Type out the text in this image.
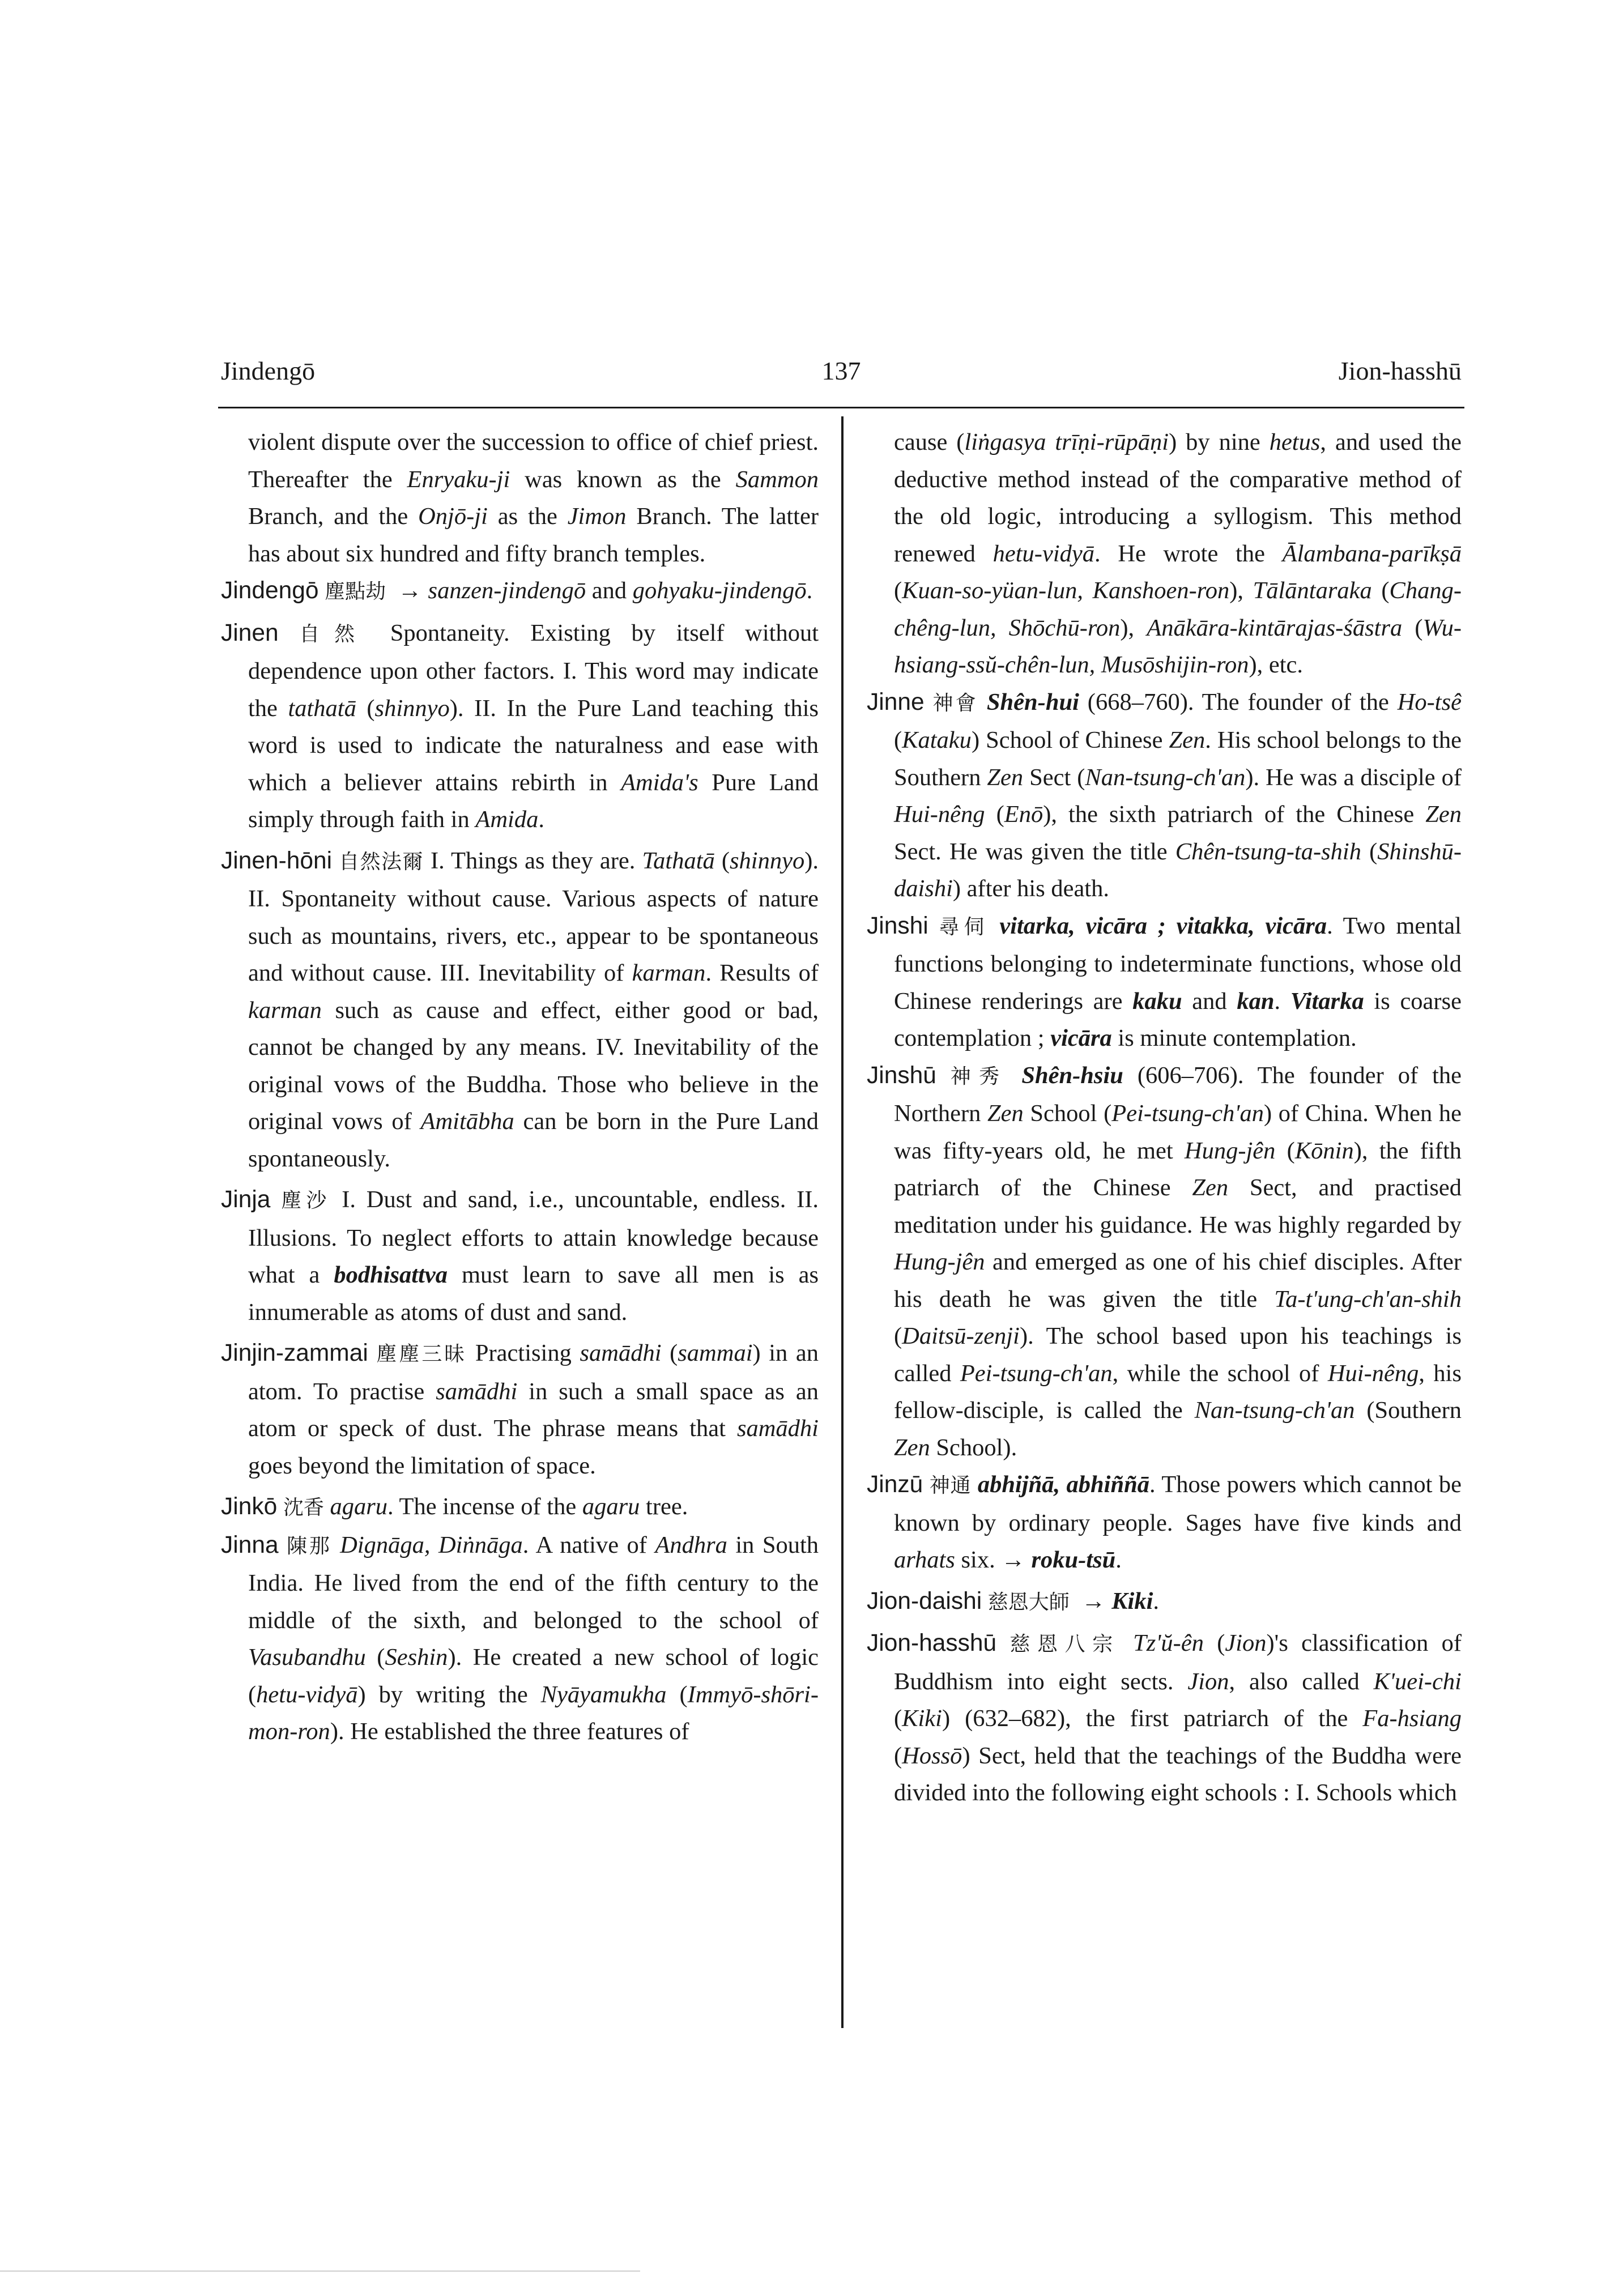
Jindengō	137	Jion-hasshū

violent dispute over the succession to office of chief priest. Thereafter the Enryaku-ji was known as the Sammon Branch, and the Onjō-ji as the Jimon Branch. The latter has about six hundred and fifty branch temples.

Jindengō 塵點劫 → sanzen-jindengō and gohyaku-jindengō.

Jinen 自然 Spontaneity. Existing by itself without dependence upon other factors. I. This word may indicate the tathatā (shinnyo). II. In the Pure Land teaching this word is used to indicate the naturalness and ease with which a believer attains rebirth in Amida's Pure Land simply through faith in Amida.

Jinen-hōni 自然法爾 I. Things as they are. Tathatā (shinnyo). II. Spontaneity without cause. Various aspects of nature such as mountains, rivers, etc., appear to be spontaneous and without cause. III. Inevitability of karman. Results of karman such as cause and effect, either good or bad, cannot be changed by any means. IV. Inevitability of the original vows of the Buddha. Those who believe in the original vows of Amitābha can be born in the Pure Land spontaneously.

Jinja 塵沙 I. Dust and sand, i.e., uncountable, endless. II. Illusions. To neglect efforts to attain knowledge because what a bodhisattva must learn to save all men is as innumerable as atoms of dust and sand.

Jinjin-zammai 塵塵三昧 Practising samādhi (sammai) in an atom. To practise samādhi in such a small space as an atom or speck of dust. The phrase means that samādhi goes beyond the limitation of space.

Jinkō 沈香 agaru. The incense of the agaru tree.

Jinna 陳那 Dignāga, Diṅnāga. A native of Andhra in South India. He lived from the end of the fifth century to the middle of the sixth, and belonged to the school of Vasubandhu (Seshin). He created a new school of logic (hetu-vidyā) by writing the Nyāyamukha (Immyō-shōri-mon-ron). He established the three features of

cause (liṅgasya trīṇi-rūpāṇi) by nine hetus, and used the deductive method instead of the comparative method of the old logic, introducing a syllogism. This method renewed hetu-vidyā. He wrote the Ālambana-parīkṣā (Kuan-so-yüan-lun, Kanshoen-ron), Tālāntaraka (Chang-chêng-lun, Shōchū-ron), Anākāra-kintārajas-śāstra (Wu-hsiang-ssŭ-chên-lun, Musōshijin-ron), etc.

Jinne 神會 Shên-hui (668–760). The founder of the Ho-tsê (Kataku) School of Chinese Zen. His school belongs to the Southern Zen Sect (Nan-tsung-ch'an). He was a disciple of Hui-nêng (Enō), the sixth patriarch of the Chinese Zen Sect. He was given the title Chên-tsung-ta-shih (Shinshū-daishi) after his death.

Jinshi 尋伺 vitarka, vicāra ; vitakka, vicāra. Two mental functions belonging to indeterminate functions, whose old Chinese renderings are kaku and kan. Vitarka is coarse contemplation ; vicāra is minute contemplation.

Jinshū 神秀 Shên-hsiu (606–706). The founder of the Northern Zen School (Pei-tsung-ch'an) of China. When he was fifty-years old, he met Hung-jên (Kōnin), the fifth patriarch of the Chinese Zen Sect, and practised meditation under his guidance. He was highly regarded by Hung-jên and emerged as one of his chief disciples. After his death he was given the title Ta-t'ung-ch'an-shih (Daitsū-zenji). The school based upon his teachings is called Pei-tsung-ch'an, while the school of Hui-nêng, his fellow-disciple, is called the Nan-tsung-ch'an (Southern Zen School).

Jinzū 神通 abhijñā, abhiññā. Those powers which cannot be known by ordinary people. Sages have five kinds and arhats six. → roku-tsū.

Jion-daishi 慈恩大師 → Kiki.

Jion-hasshū 慈恩八宗 Tz'ŭ-ên (Jion)'s classification of Buddhism into eight sects. Jion, also called K'uei-chi (Kiki) (632–682), the first patriarch of the Fa-hsiang (Hossō) Sect, held that the teachings of the Buddha were divided into the following eight schools : I. Schools which
